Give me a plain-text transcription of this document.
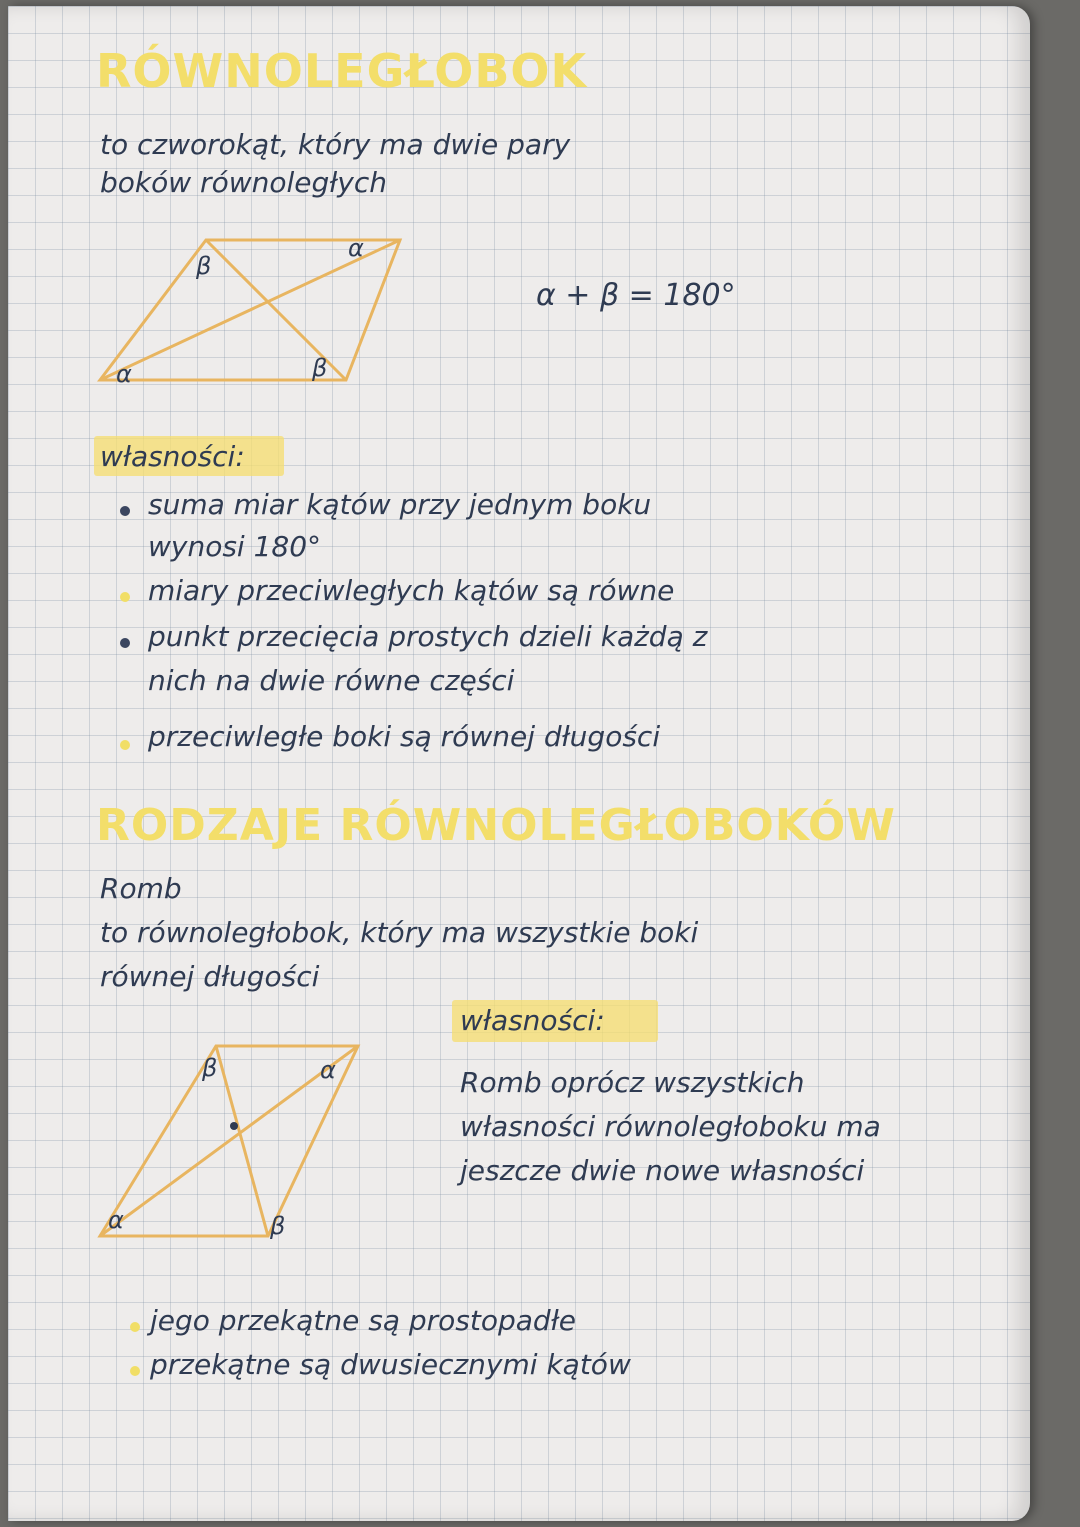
RÓWNOLEGŁOBOK
to czworokąt, który ma dwie pary
boków równoległych
β
α
α	β
α + β = 180°
własności:
suma miar kątów przy jednym boku
wynosi 180°
miary przeciwległych kątów są równe
punkt przecięcia prostych dzieli każdą z
nich na dwie równe części
przeciwległe boki są równej długości
RODZAJE RÓWNOLEGŁOBOKÓW
Romb
to równoległobok, który ma wszystkie boki
równej długości
β	α
α	β
własności:
Romb oprócz wszystkich
własności równoległoboku ma
jeszcze dwie nowe własności
jego przekątne są prostopadłe
przekątne są dwusiecznymi kątów
